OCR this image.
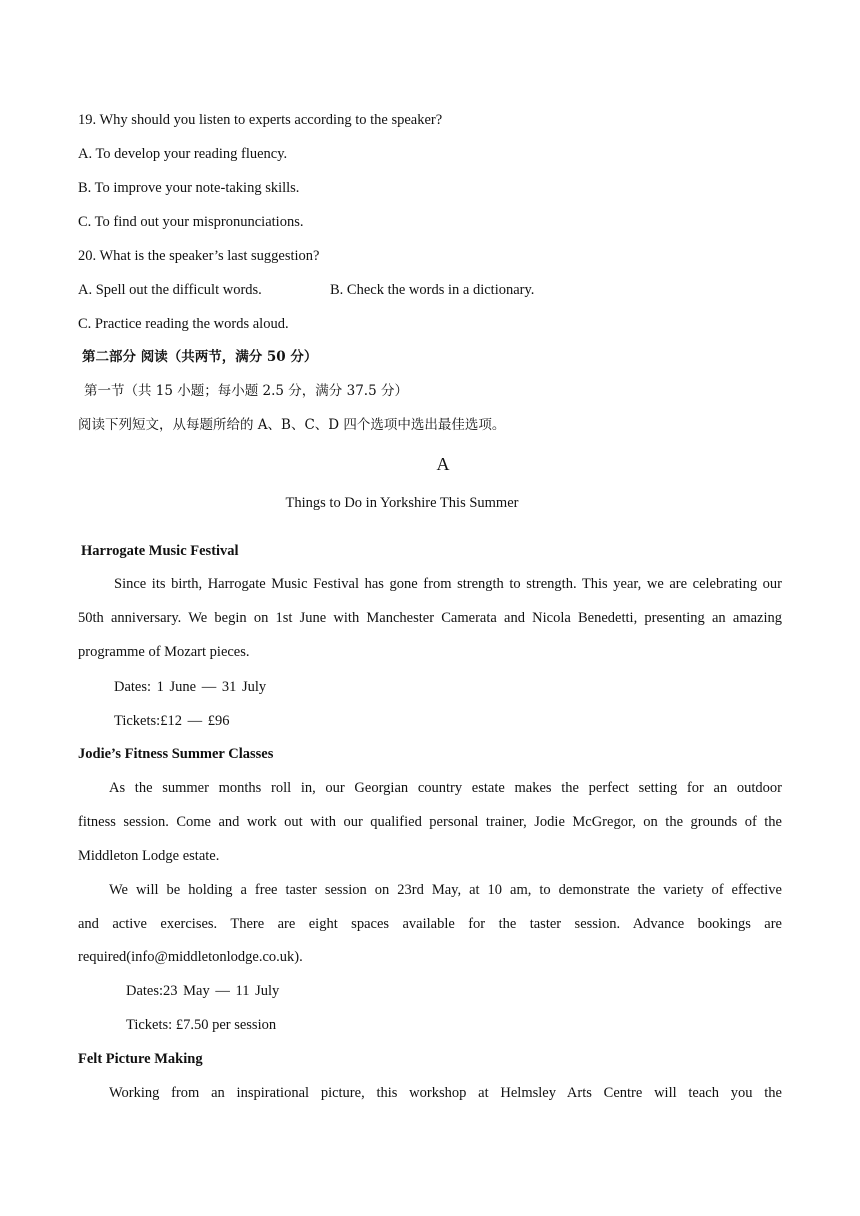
19. Why should you listen to experts according to the speaker?
A. To develop your reading fluency.
B. To improve your note-taking skills.
C. To find out your mispronunciations.
20. What is the speaker’s last suggestion?
A. Spell out the difficult words.	B. Check the words in a dictionary.
C. Practice reading the words aloud.
第二部分 阅读（共两节，满分 50 分）
第一节（共 15 小题；每小题 2.5 分，满分 37.5 分）
阅读下列短文，从每题所给的 A、B、C、D 四个选项中选出最佳选项。
A
Things to Do in Yorkshire This Summer
Harrogate Music Festival
Since its birth, Harrogate Music Festival has gone from strength to strength. This year, we are celebrating our
50th anniversary. We begin on 1st June with Manchester Camerata and Nicola Benedetti, presenting an amazing
programme of Mozart pieces.
Dates: 1 June — 31 July
Tickets:£12 — £96
Jodie’s Fitness Summer Classes
As the summer months roll in, our Georgian country estate makes the perfect setting for an outdoor
fitness session. Come and work out with our qualified personal trainer, Jodie McGregor, on the grounds of the
Middleton Lodge estate.
We will be holding a free taster session on 23rd May, at 10 am, to demonstrate the variety of effective
and active exercises. There are eight spaces available for the taster session. Advance bookings are
required(info@middletonlodge.co.uk).
Dates:23 May — 11 July
Tickets: £7.50 per session
Felt Picture Making
Working from an inspirational picture, this workshop at Helmsley Arts Centre will teach you the
